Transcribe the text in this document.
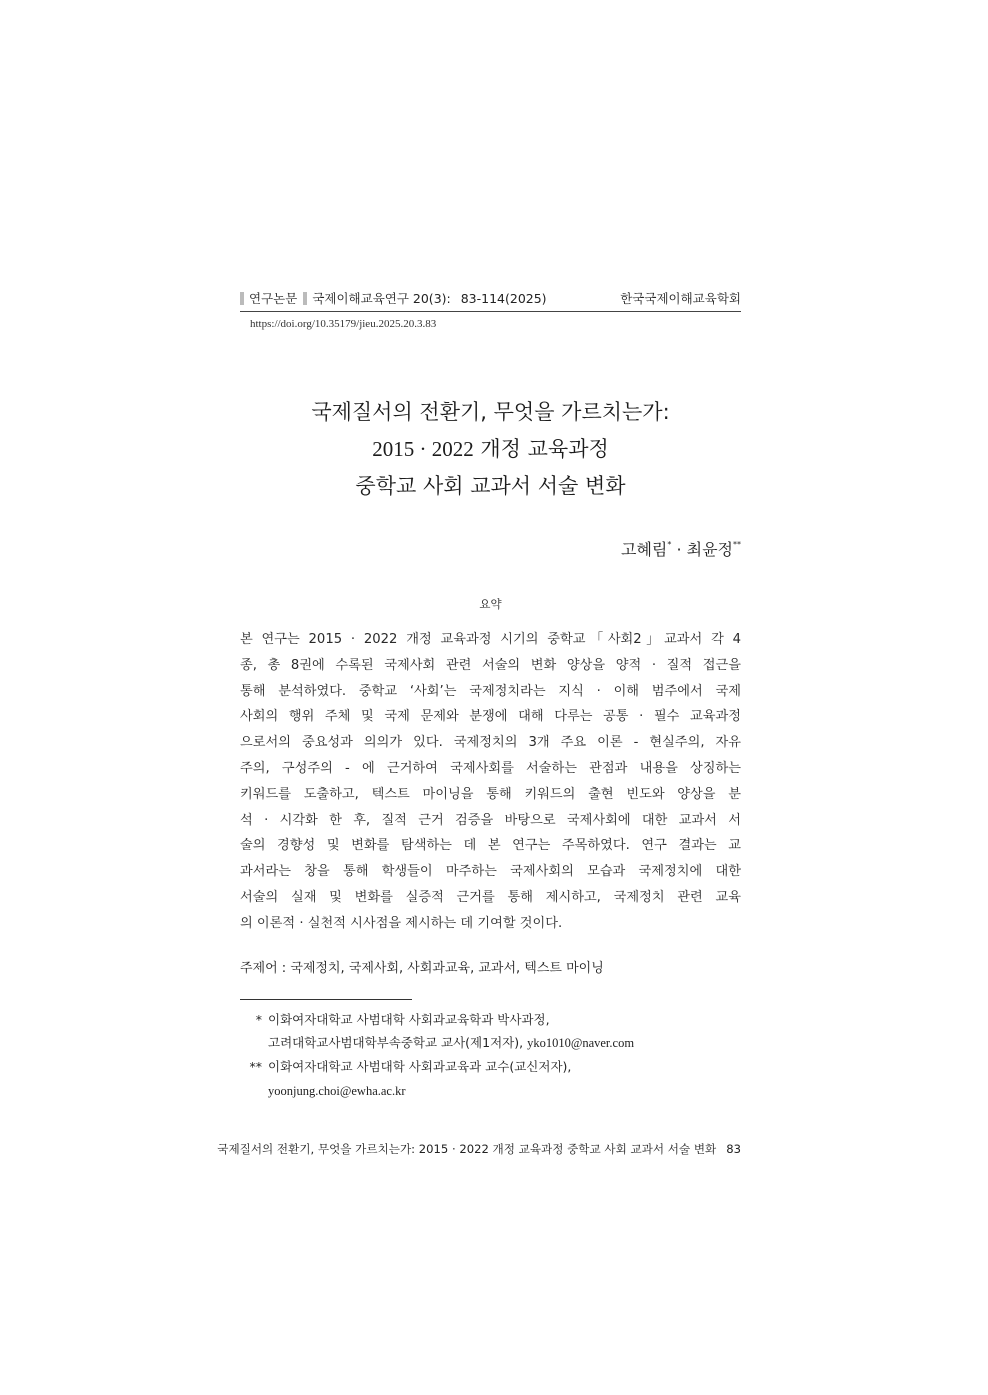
연구논문 국제이해교육연구 20(3): 83-114(2025)	한국국제이해교육학회
https://doi.org/10.35179/jieu.2025.20.3.83
국제질서의 전환기, 무엇을 가르치는가:
2015 · 2022 개정 교육과정
중학교 사회 교과서 서술 변화
고혜림* · 최윤정**
요약
본 연구는 2015 · 2022 개정 교육과정 시기의 중학교「사회2」교과서 각 4
종, 총 8권에 수록된 국제사회 관련 서술의 변화 양상을 양적 · 질적 접근을
통해 분석하였다. 중학교 ‘사회’는 국제정치라는 지식 · 이해 범주에서 국제
사회의 행위 주체 및 국제 문제와 분쟁에 대해 다루는 공통 · 필수 교육과정
으로서의 중요성과 의의가 있다. 국제정치의 3개 주요 이론 - 현실주의, 자유
주의, 구성주의 - 에 근거하여 국제사회를 서술하는 관점과 내용을 상징하는
키워드를 도출하고, 텍스트 마이닝을 통해 키워드의 출현 빈도와 양상을 분
석 · 시각화 한 후, 질적 근거 검증을 바탕으로 국제사회에 대한 교과서 서
술의 경향성 및 변화를 탐색하는 데 본 연구는 주목하였다. 연구 결과는 교
과서라는 창을 통해 학생들이 마주하는 국제사회의 모습과 국제정치에 대한
서술의 실재 및 변화를 실증적 근거를 통해 제시하고, 국제정치 관련 교육
의 이론적 · 실천적 시사점을 제시하는 데 기여할 것이다.
주제어 : 국제정치, 국제사회, 사회과교육, 교과서, 텍스트 마이닝
* 이화여자대학교 사범대학 사회과교육학과 박사과정,
고려대학교사범대학부속중학교 교사(제1저자), yko1010@naver.com
** 이화여자대학교 사범대학 사회과교육과 교수(교신저자),
yoonjung.choi@ewha.ac.kr
국제질서의 전환기, 무엇을 가르치는가: 2015 · 2022 개정 교육과정 중학교 사회 교과서 서술 변화 83
